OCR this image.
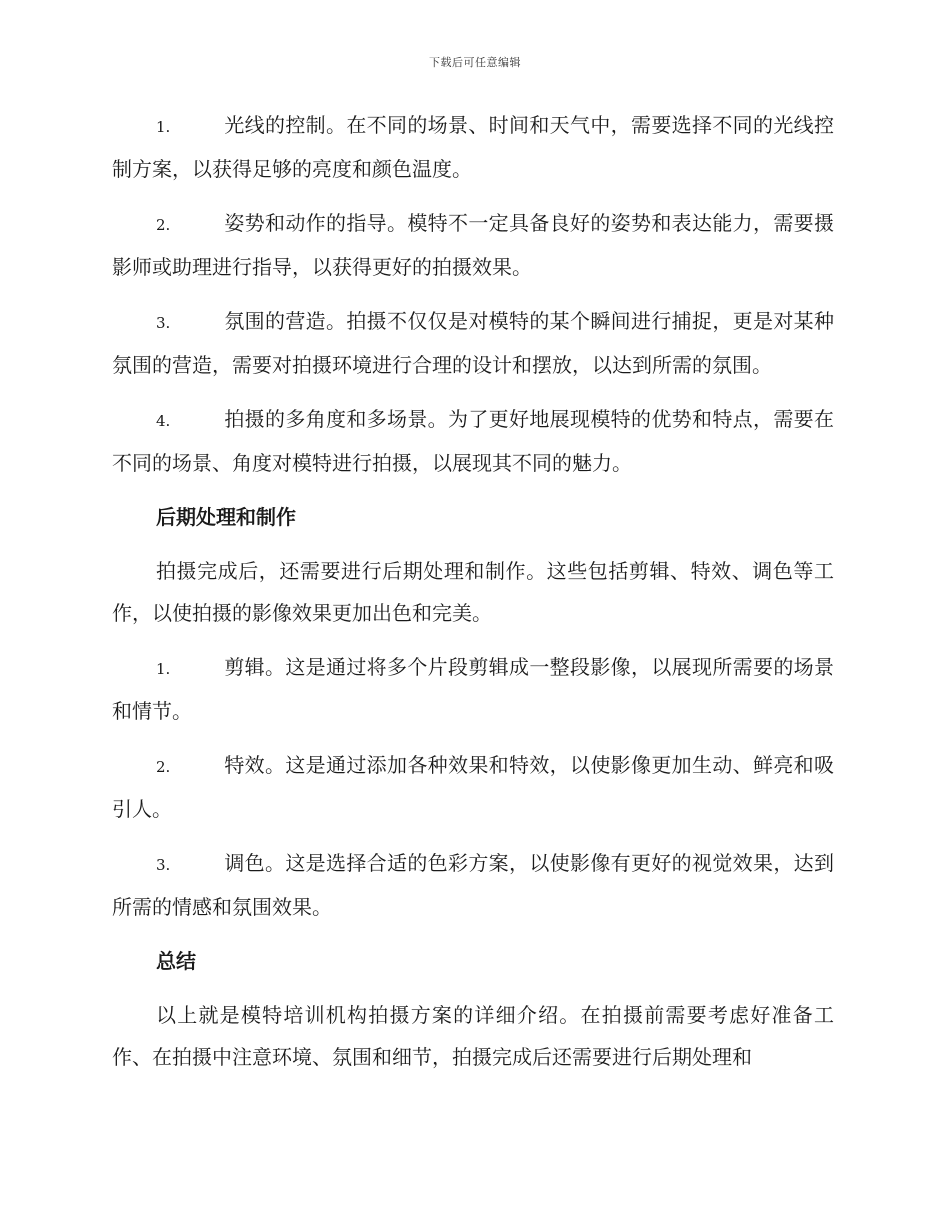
下载后可任意编辑

1.	光线的控制。在不同的场景、时间和天气中，需要选择不同的光线控制方案，以获得足够的亮度和颜色温度。

2.	姿势和动作的指导。模特不一定具备良好的姿势和表达能力，需要摄影师或助理进行指导，以获得更好的拍摄效果。

3.	氛围的营造。拍摄不仅仅是对模特的某个瞬间进行捕捉，更是对某种氛围的营造，需要对拍摄环境进行合理的设计和摆放，以达到所需的氛围。

4.	拍摄的多角度和多场景。为了更好地展现模特的优势和特点，需要在不同的场景、角度对模特进行拍摄，以展现其不同的魅力。

后期处理和制作

拍摄完成后，还需要进行后期处理和制作。这些包括剪辑、特效、调色等工作，以使拍摄的影像效果更加出色和完美。

1.	剪辑。这是通过将多个片段剪辑成一整段影像，以展现所需要的场景和情节。

2.	特效。这是通过添加各种效果和特效，以使影像更加生动、鲜亮和吸引人。

3.	调色。这是选择合适的色彩方案，以使影像有更好的视觉效果，达到所需的情感和氛围效果。

总结

以上就是模特培训机构拍摄方案的详细介绍。在拍摄前需要考虑好准备工作、在拍摄中注意环境、氛围和细节，拍摄完成后还需要进行后期处理和
